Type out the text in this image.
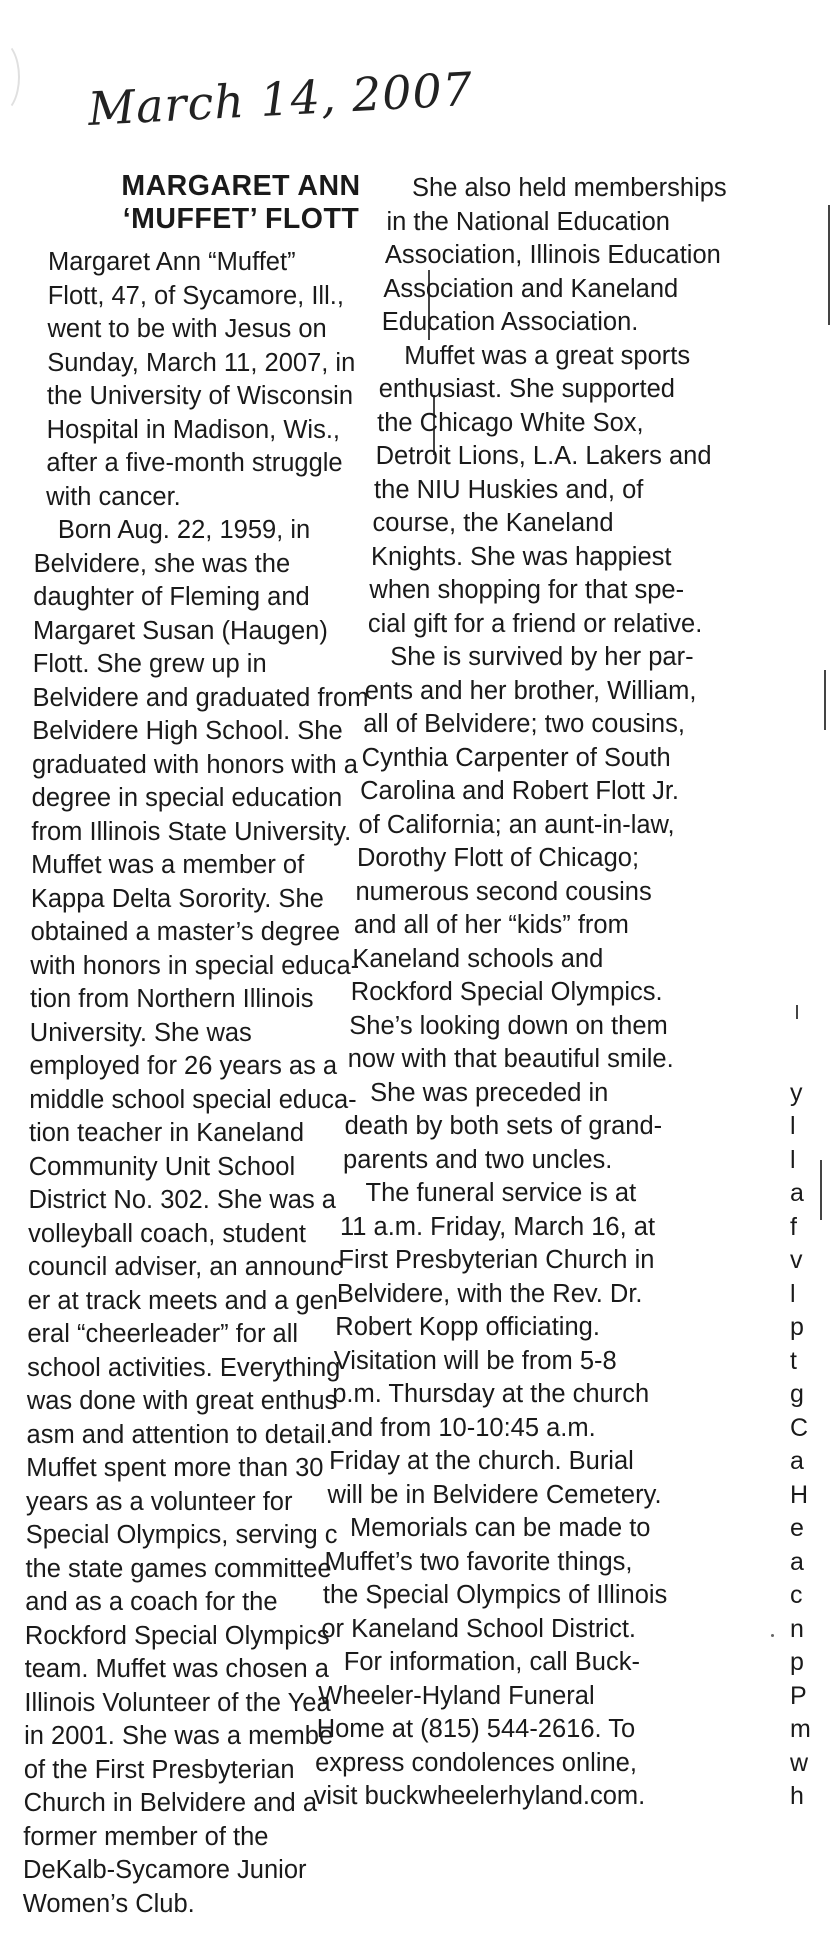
March 14, 2007
MARGARET ANN
‘MUFFET’ FLOTT
Margaret Ann “Muffet”
Flott, 47, of Sycamore, Ill.,
went to be with Jesus on
Sunday, March 11, 2007, in
the University of Wisconsin
Hospital in Madison, Wis.,
after a five-month struggle
with cancer.
Born Aug. 22, 1959, in
Belvidere, she was the
daughter of Fleming and
Margaret Susan (Haugen)
Flott. She grew up in
Belvidere and graduated from
Belvidere High School. She
graduated with honors with a
degree in special education
from Illinois State University.
Muffet was a member of
Kappa Delta Sorority. She
obtained a master’s degree
with honors in special educa-
tion from Northern Illinois
University. She was
employed for 26 years as a
middle school special educa-
tion teacher in Kaneland
Community Unit School
District No. 302. She was a
volleyball coach, student
council adviser, an announc
er at track meets and a gen
eral “cheerleader” for all
school activities. Everything
was done with great enthus
asm and attention to detail.
Muffet spent more than 30
years as a volunteer for
Special Olympics, serving c
the state games committee
and as a coach for the
Rockford Special Olympics
team. Muffet was chosen a
Illinois Volunteer of the Yea
in 2001. She was a membe
of the First Presbyterian
Church in Belvidere and a
former member of the
DeKalb-Sycamore Junior
Women’s Club.
She also held memberships
in the National Education
Association, Illinois Education
Association and Kaneland
Education Association.
Muffet was a great sports
enthusiast. She supported
the Chicago White Sox,
Detroit Lions, L.A. Lakers and
the NIU Huskies and, of
course, the Kaneland
Knights. She was happiest
when shopping for that spe-
cial gift for a friend or relative.
She is survived by her par-
ents and her brother, William,
all of Belvidere; two cousins,
Cynthia Carpenter of South
Carolina and Robert Flott Jr.
of California; an aunt-in-law,
Dorothy Flott of Chicago;
numerous second cousins
and all of her “kids” from
Kaneland schools and
Rockford Special Olympics.
She’s looking down on them
now with that beautiful smile.
She was preceded in
death by both sets of grand-
parents and two uncles.
The funeral service is at
11 a.m. Friday, March 16, at
First Presbyterian Church in
Belvidere, with the Rev. Dr.
Robert Kopp officiating.
Visitation will be from 5-8
p.m. Thursday at the church
and from 10-10:45 a.m.
Friday at the church. Burial
will be in Belvidere Cemetery.
Memorials can be made to
Muffet’s two favorite things,
the Special Olympics of Illinois
or Kaneland School District.
For information, call Buck-
Wheeler-Hyland Funeral
Home at (815) 544-2616. To
express condolences online,
visit buckwheelerhyland.com.
y
l
l
a
f
v
l
p
t
g
C
a
H
e
a
c
n
p
P
m
w
h
